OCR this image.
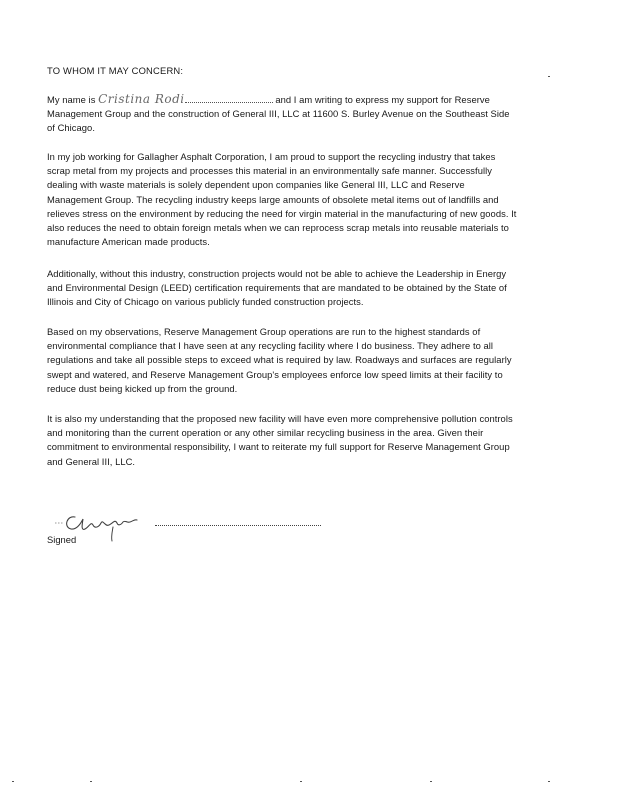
TO WHOM IT MAY CONCERN:

My name is Cristina Rodi	and I am writing to express my support for Reserve Management Group and the construction of General III, LLC at 11600 S. Burley Avenue on the Southeast Side of Chicago.

In my job working for Gallagher Asphalt Corporation, I am proud to support the recycling industry that takes scrap metal from my projects and processes this material in an environmentally safe manner. Successfully dealing with waste materials is solely dependent upon companies like General III, LLC and Reserve Management Group. The recycling industry keeps large amounts of obsolete metal items out of landfills and relieves stress on the environment by reducing the need for virgin material in the manufacturing of new goods. It also reduces the need to obtain foreign metals when we can reprocess scrap metals into reusable materials to manufacture American made products.

Additionally, without this industry, construction projects would not be able to achieve the Leadership in Energy and Environmental Design (LEED) certification requirements that are mandated to be obtained by the State of Illinois and City of Chicago on various publicly funded construction projects.

Based on my observations, Reserve Management Group operations are run to the highest standards of environmental compliance that I have seen at any recycling facility where I do business. They adhere to all regulations and take all possible steps to exceed what is required by law. Roadways and surfaces are regularly swept and watered, and Reserve Management Group's employees enforce low speed limits at their facility to reduce dust being kicked up from the ground.

It is also my understanding that the proposed new facility will have even more comprehensive pollution controls and monitoring than the current operation or any other similar recycling business in the area. Given their commitment to environmental responsibility, I want to reiterate my full support for Reserve Management Group and General III, LLC.

Signed
